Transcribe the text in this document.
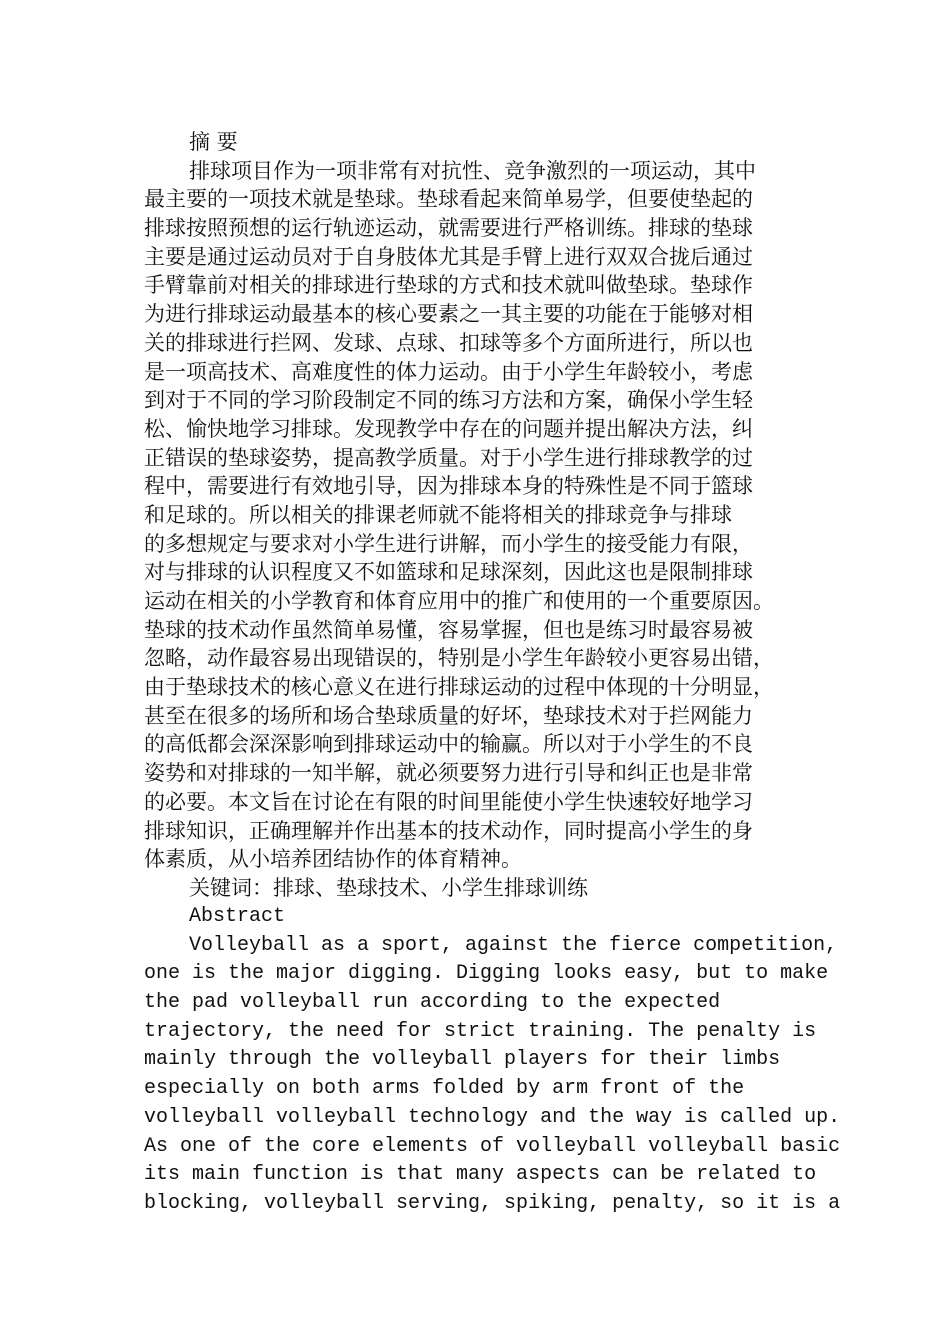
摘 要
排球项目作为一项非常有对抗性、竞争激烈的一项运动，其中
最主要的一项技术就是垫球。垫球看起来简单易学，但要使垫起的
排球按照预想的运行轨迹运动，就需要进行严格训练。排球的垫球
主要是通过运动员对于自身肢体尤其是手臂上进行双双合拢后通过
手臂靠前对相关的排球进行垫球的方式和技术就叫做垫球。垫球作
为进行排球运动最基本的核心要素之一其主要的功能在于能够对相
关的排球进行拦网、发球、点球、扣球等多个方面所进行，所以也
是一项高技术、高难度性的体力运动。由于小学生年龄较小，考虑
到对于不同的学习阶段制定不同的练习方法和方案，确保小学生轻
松、愉快地学习排球。发现教学中存在的问题并提出解决方法，纠
正错误的垫球姿势，提高教学质量。对于小学生进行排球教学的过
程中，需要进行有效地引导，因为排球本身的特殊性是不同于篮球
和足球的。所以相关的排课老师就不能将相关的排球竞争与排球
的多想规定与要求对小学生进行讲解，而小学生的接受能力有限，
对与排球的认识程度又不如篮球和足球深刻，因此这也是限制排球
运动在相关的小学教育和体育应用中的推广和使用的一个重要原因。
垫球的技术动作虽然简单易懂，容易掌握，但也是练习时最容易被
忽略，动作最容易出现错误的，特别是小学生年龄较小更容易出错，
由于垫球技术的核心意义在进行排球运动的过程中体现的十分明显，
甚至在很多的场所和场合垫球质量的好坏，垫球技术对于拦网能力
的高低都会深深影响到排球运动中的输赢。所以对于小学生的不良
姿势和对排球的一知半解，就必须要努力进行引导和纠正也是非常
的必要。本文旨在讨论在有限的时间里能使小学生快速较好地学习
排球知识，正确理解并作出基本的技术动作，同时提高小学生的身
体素质，从小培养团结协作的体育精神。
关键词：排球、垫球技术、小学生排球训练
Abstract
Volleyball as a sport, against the fierce competition,
one is the major digging. Digging looks easy, but to make
the pad volleyball run according to the expected
trajectory, the need for strict training. The penalty is
mainly through the volleyball players for their limbs
especially on both arms folded by arm front of the
volleyball volleyball technology and the way is called up.
As one of the core elements of volleyball volleyball basic
its main function is that many aspects can be related to
blocking, volleyball serving, spiking, penalty, so it is a
